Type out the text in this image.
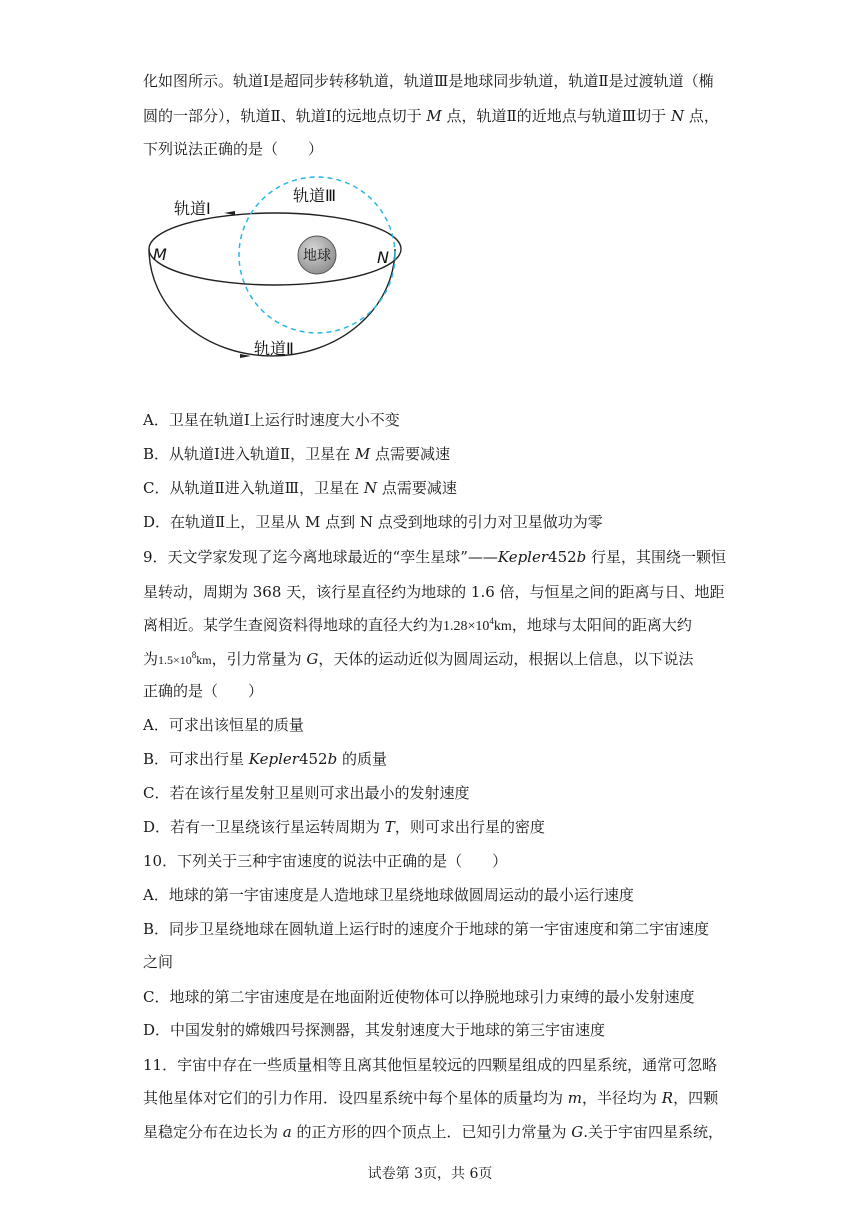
化如图所示。轨道Ⅰ是超同步转移轨道，轨道Ⅲ是地球同步轨道，轨道Ⅱ是过渡轨道（椭
圆的一部分），轨道Ⅱ、轨道Ⅰ的远地点切于 M 点，轨道Ⅱ的近地点与轨道Ⅲ切于 N 点，
下列说法正确的是（　　）
地球
轨道Ⅰ
轨道Ⅲ
轨道Ⅱ
M	N
A．卫星在轨道Ⅰ上运行时速度大小不变
B．从轨道Ⅰ进入轨道Ⅱ，卫星在 M 点需要减速
C．从轨道Ⅱ进入轨道Ⅲ，卫星在 N 点需要减速
D．在轨道Ⅱ上，卫星从 M 点到 N 点受到地球的引力对卫星做功为零
9．天文学家发现了迄今离地球最近的“孪生星球”——Kepler452b 行星，其围绕一颗恒
星转动，周期为 368 天，该行星直径约为地球的 1.6 倍，与恒星之间的距离与日、地距
离相近。某学生查阅资料得地球的直径大约为$1.28\times 10^4km$，地球与太阳间的距离大约
为$1.5\times 10^8km$，引力常量为 G，天体的运动近似为圆周运动，根据以上信息，以下说法
正确的是（　　）
A．可求出该恒星的质量
B．可求出行星 Kepler452b 的质量
C．若在该行星发射卫星则可求出最小的发射速度
D．若有一卫星绕该行星运转周期为 T，则可求出行星的密度
10．下列关于三种宇宙速度的说法中正确的是（　　）
A．地球的第一宇宙速度是人造地球卫星绕地球做圆周运动的最小运行速度
B．同步卫星绕地球在圆轨道上运行时的速度介于地球的第一宇宙速度和第二宇宙速度
之间
C．地球的第二宇宙速度是在地面附近使物体可以挣脱地球引力束缚的最小发射速度
D．中国发射的嫦娥四号探测器，其发射速度大于地球的第三宇宙速度
11．宇宙中存在一些质量相等且离其他恒星较远的四颗星组成的四星系统，通常可忽略
其他星体对它们的引力作用．设四星系统中每个星体的质量均为 m，半径均为 R，四颗
星稳定分布在边长为 a 的正方形的四个顶点上．已知引力常量为 G.关于宇宙四星系统，
试卷第 3页，共 6页
